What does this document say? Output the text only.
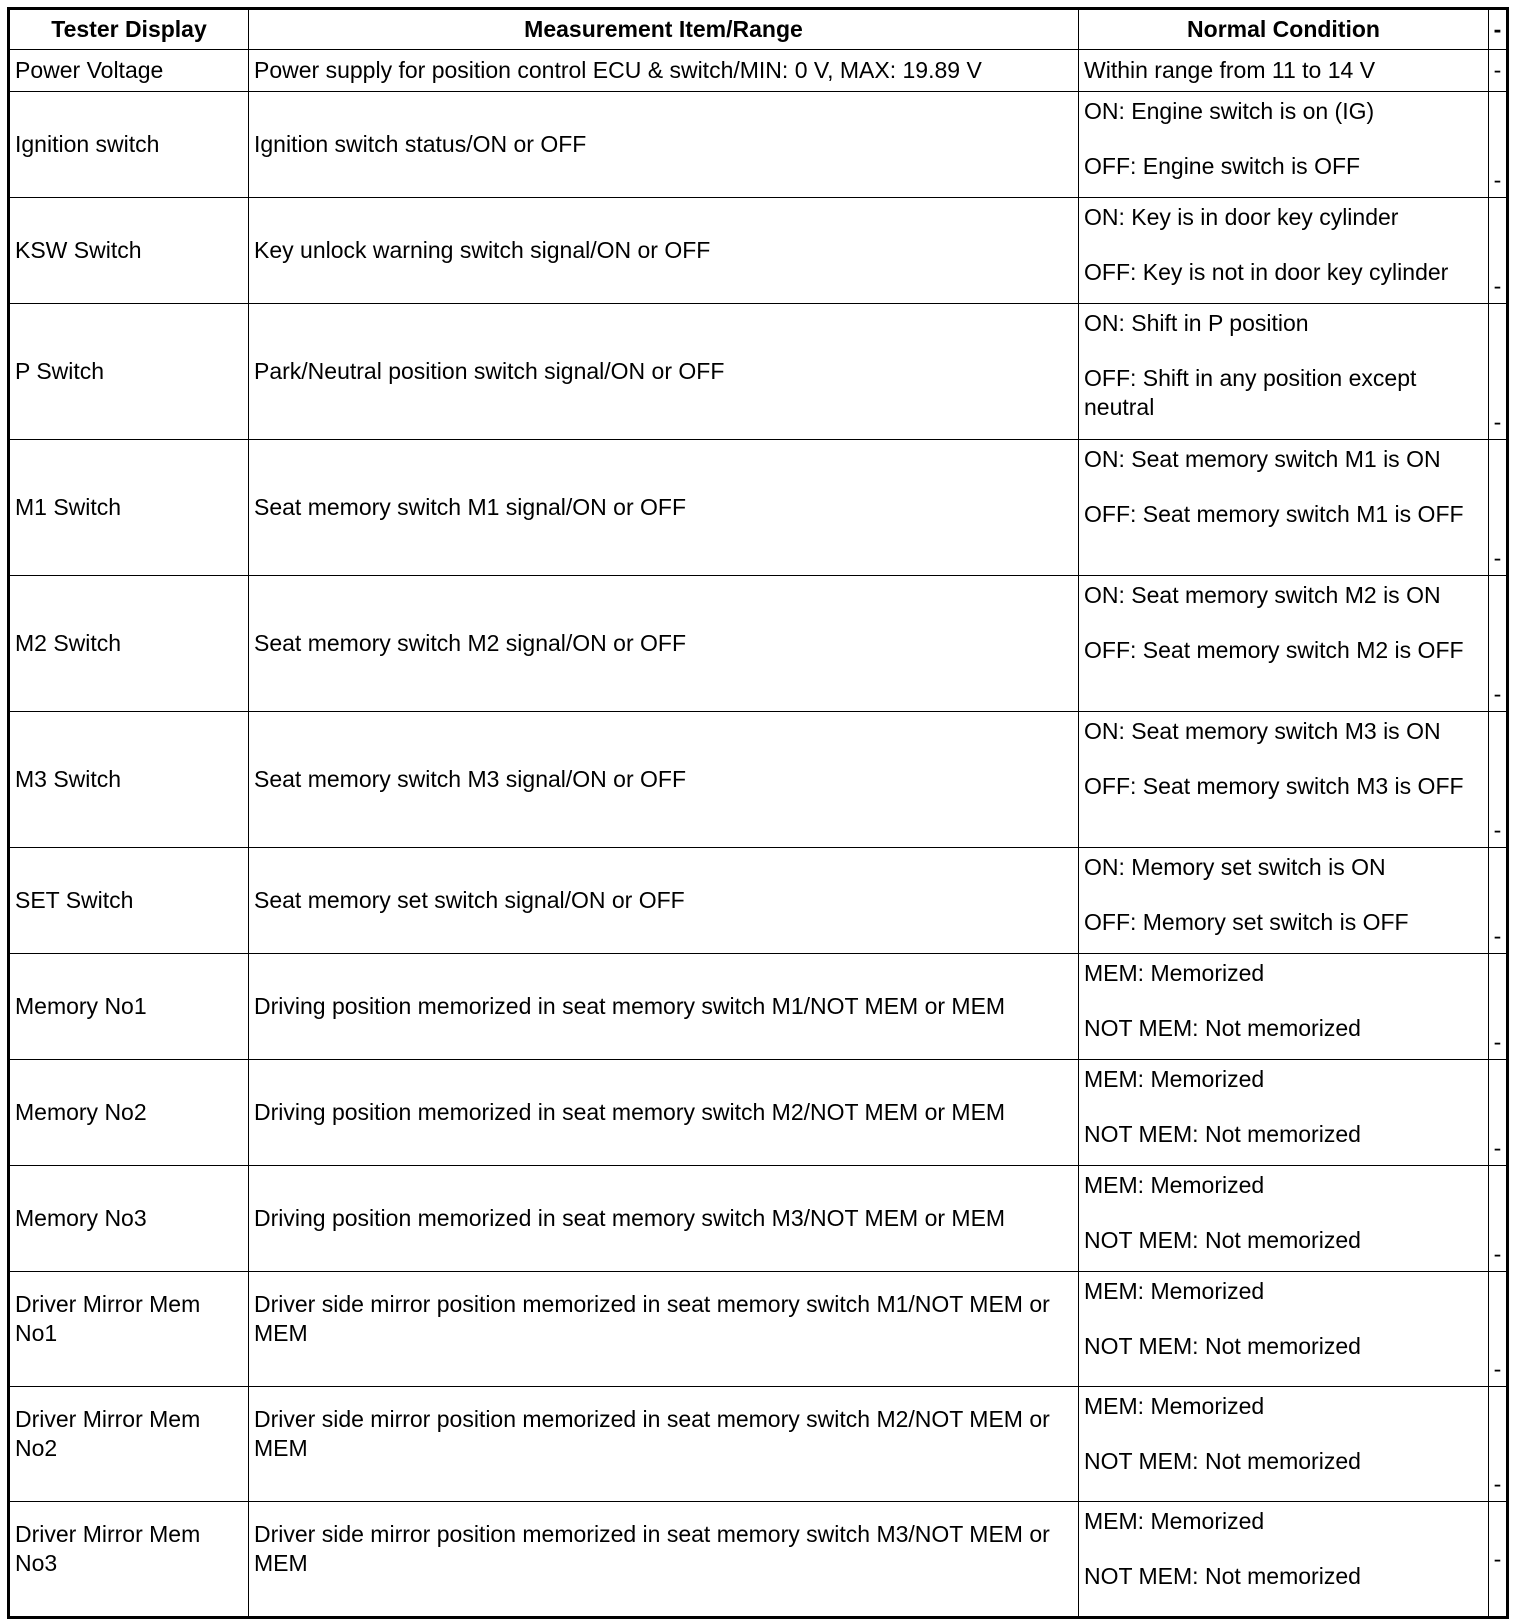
Tester Display	Measurement Item/Range	Normal Condition	-
Power Voltage	Power supply for position control ECU & switch/MIN: 0 V, MAX: 19.89 V	Within range from 11 to 14 V	-
Ignition switch	Ignition switch status/ON or OFF	ON: Engine switch is on (IG)
OFF: Engine switch is OFF	-
KSW Switch	Key unlock warning switch signal/ON or OFF	ON: Key is in door key cylinder
OFF: Key is not in door key cylinder	-
P Switch	Park/Neutral position switch signal/ON or OFF	ON: Shift in P position
OFF: Shift in any position except neutral	-
M1 Switch	Seat memory switch M1 signal/ON or OFF	ON: Seat memory switch M1 is ON
OFF: Seat memory switch M1 is OFF	-
M2 Switch	Seat memory switch M2 signal/ON or OFF	ON: Seat memory switch M2 is ON
OFF: Seat memory switch M2 is OFF	-
M3 Switch	Seat memory switch M3 signal/ON or OFF	ON: Seat memory switch M3 is ON
OFF: Seat memory switch M3 is OFF	-
SET Switch	Seat memory set switch signal/ON or OFF	ON: Memory set switch is ON
OFF: Memory set switch is OFF	-
Memory No1	Driving position memorized in seat memory switch M1/NOT MEM or MEM	MEM: Memorized
NOT MEM: Not memorized	-
Memory No2	Driving position memorized in seat memory switch M2/NOT MEM or MEM	MEM: Memorized
NOT MEM: Not memorized	-
Memory No3	Driving position memorized in seat memory switch M3/NOT MEM or MEM	MEM: Memorized
NOT MEM: Not memorized	-
Driver Mirror Mem No1	Driver side mirror position memorized in seat memory switch M1/NOT MEM or MEM	MEM: Memorized
NOT MEM: Not memorized	-
Driver Mirror Mem No2	Driver side mirror position memorized in seat memory switch M2/NOT MEM or MEM	MEM: Memorized
NOT MEM: Not memorized	-
Driver Mirror Mem No3	Driver side mirror position memorized in seat memory switch M3/NOT MEM or MEM	MEM: Memorized
NOT MEM: Not memorized	-
